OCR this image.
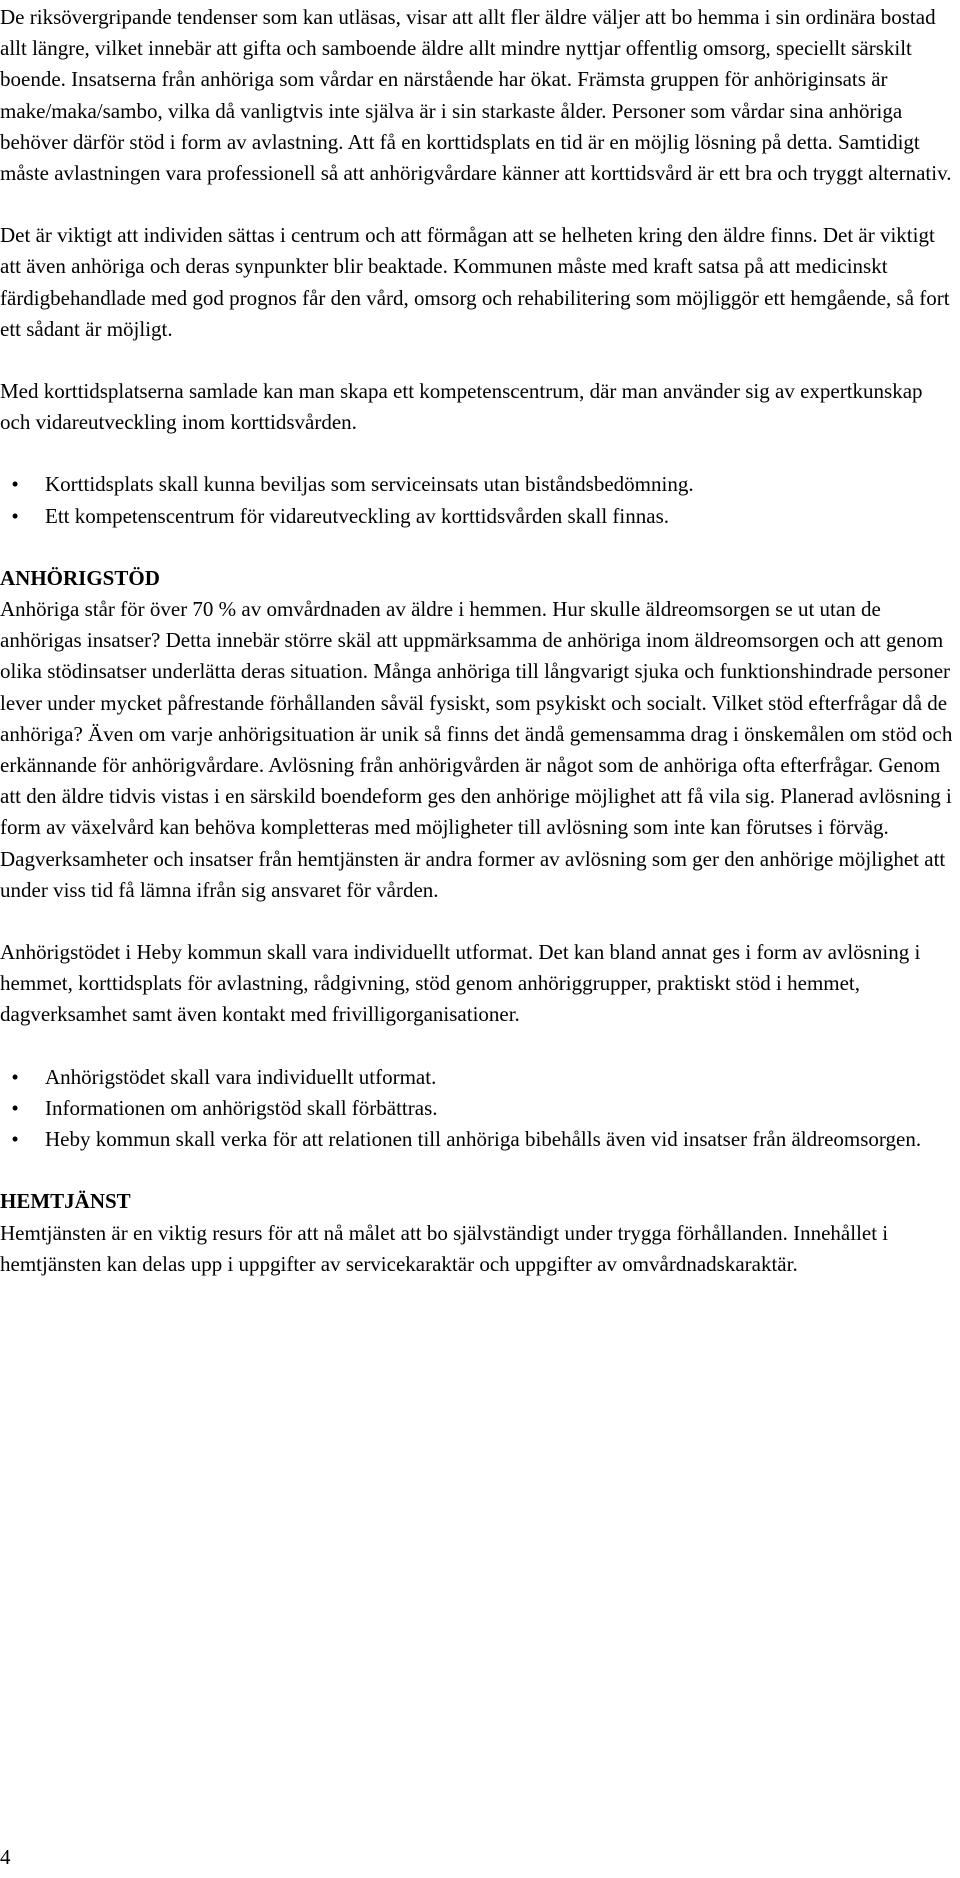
De riksövergripande tendenser som kan utläsas, visar att allt fler äldre väljer att bo hemma i sin ordinära bostad allt längre, vilket innebär att gifta och samboende äldre allt mindre nyttjar offentlig omsorg, speciellt särskilt boende. Insatserna från anhöriga som vårdar en närstående har ökat. Främsta gruppen för anhöriginsats är make/maka/sambo, vilka då vanligtvis inte själva är i sin starkaste ålder. Personer som vårdar sina anhöriga behöver därför stöd i form av avlastning. Att få en korttidsplats en tid är en möjlig lösning på detta. Samtidigt måste avlastningen vara professionell så att anhörigvårdare känner att korttidsvård är ett bra och tryggt alternativ.

Det är viktigt att individen sättas i centrum och att förmågan att se helheten kring den äldre finns. Det är viktigt att även anhöriga och deras synpunkter blir beaktade. Kommunen måste med kraft satsa på att medicinskt färdigbehandlade med god prognos får den vård, omsorg och rehabilitering som möjliggör ett hemgående, så fort ett sådant är möjligt.

Med korttidsplatserna samlade kan man skapa ett kompetenscentrum, där man använder sig av expertkunskap och vidareutveckling inom korttidsvården.

•	Korttidsplats skall kunna beviljas som serviceinsats utan biståndsbedömning.
•	Ett kompetenscentrum för vidareutveckling av korttidsvården skall finnas.
ANHÖRIGSTÖD

Anhöriga står för över 70 % av omvårdnaden av äldre i hemmen. Hur skulle äldreomsorgen se ut utan de anhörigas insatser? Detta innebär större skäl att uppmärksamma de anhöriga inom äldreomsorgen och att genom olika stödinsatser underlätta deras situation. Många anhöriga till långvarigt sjuka och funktionshindrade personer lever under mycket påfrestande förhållanden såväl fysiskt, som psykiskt och socialt. Vilket stöd efterfrågar då de anhöriga? Även om varje anhörigsituation är unik så finns det ändå gemensamma drag i önskemålen om stöd och erkännande för anhörigvårdare. Avlösning från anhörigvården är något som de anhöriga ofta efterfrågar. Genom att den äldre tidvis vistas i en särskild boendeform ges den anhörige möjlighet att få vila sig. Planerad avlösning i form av växelvård kan behöva kompletteras med möjligheter till avlösning som inte kan förutses i förväg. Dagverksamheter och insatser från hemtjänsten är andra former av avlösning som ger den anhörige möjlighet att under viss tid få lämna ifrån sig ansvaret för vården.

Anhörigstödet i Heby kommun skall vara individuellt utformat. Det kan bland annat ges i form av avlösning i hemmet, korttidsplats för avlastning, rådgivning, stöd genom anhöriggrupper, praktiskt stöd i hemmet, dagverksamhet samt även kontakt med frivilligorganisationer.

•	Anhörigstödet skall vara individuellt utformat.
•	Informationen om anhörigstöd skall förbättras.
•	Heby kommun skall verka för att relationen till anhöriga bibehålls även vid insatser från äldreomsorgen.
HEMTJÄNST

Hemtjänsten är en viktig resurs för att nå målet att bo självständigt under trygga förhållanden. Innehållet i hemtjänsten kan delas upp i uppgifter av servicekaraktär och uppgifter av omvårdnadskaraktär.

4
